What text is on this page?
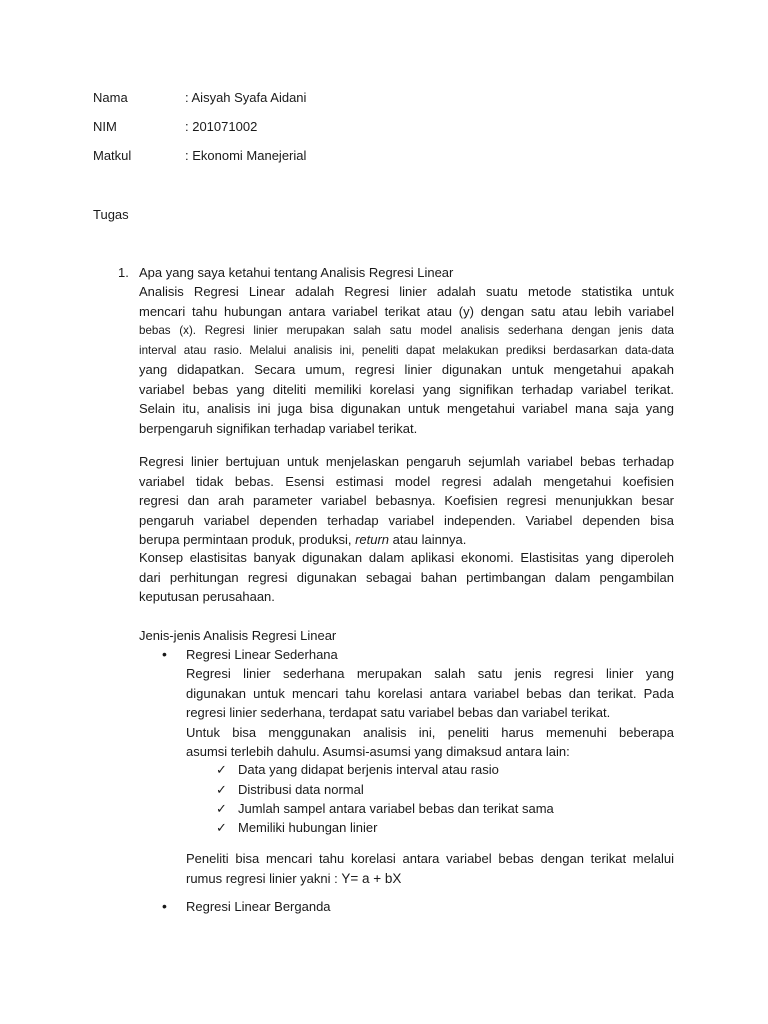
Nama	: Aisyah Syafa Aidani
NIM	: 201071002
Matkul	: Ekonomi Manejerial
Tugas
1. Apa yang saya ketahui tentang Analisis Regresi Linear
Analisis Regresi Linear adalah Regresi linier adalah suatu metode statistika untuk
mencari tahu hubungan antara variabel terikat atau (y) dengan satu atau lebih variabel
bebas (x). Regresi linier merupakan salah satu model analisis sederhana dengan jenis data
interval atau rasio. Melalui analisis ini, peneliti dapat melakukan prediksi berdasarkan data-data
yang didapatkan. Secara umum, regresi linier digunakan untuk mengetahui apakah
variabel bebas yang diteliti memiliki korelasi yang signifikan terhadap variabel terikat.
Selain itu, analisis ini juga bisa digunakan untuk mengetahui variabel mana saja yang
berpengaruh signifikan terhadap variabel terikat.
Regresi linier bertujuan untuk menjelaskan pengaruh sejumlah variabel bebas terhadap
variabel tidak bebas. Esensi estimasi model regresi adalah mengetahui koefisien
regresi dan arah parameter variabel bebasnya. Koefisien regresi menunjukkan besar
pengaruh variabel dependen terhadap variabel independen. Variabel dependen bisa
berupa permintaan produk, produksi, return atau lainnya.
Konsep elastisitas banyak digunakan dalam aplikasi ekonomi. Elastisitas yang diperoleh
dari perhitungan regresi digunakan sebagai bahan pertimbangan dalam pengambilan
keputusan perusahaan.
Jenis-jenis Analisis Regresi Linear
• Regresi Linear Sederhana
Regresi linier sederhana merupakan salah satu jenis regresi linier yang
digunakan untuk mencari tahu korelasi antara variabel bebas dan terikat. Pada
regresi linier sederhana, terdapat satu variabel bebas dan variabel terikat.
Untuk bisa menggunakan analisis ini, peneliti harus memenuhi beberapa
asumsi terlebih dahulu. Asumsi-asumsi yang dimaksud antara lain:
✓ Data yang didapat berjenis interval atau rasio
✓ Distribusi data normal
✓ Jumlah sampel antara variabel bebas dan terikat sama
✓ Memiliki hubungan linier
Peneliti bisa mencari tahu korelasi antara variabel bebas dengan terikat melalui
rumus regresi linier yakni : Y= a + bX
• Regresi Linear Berganda
